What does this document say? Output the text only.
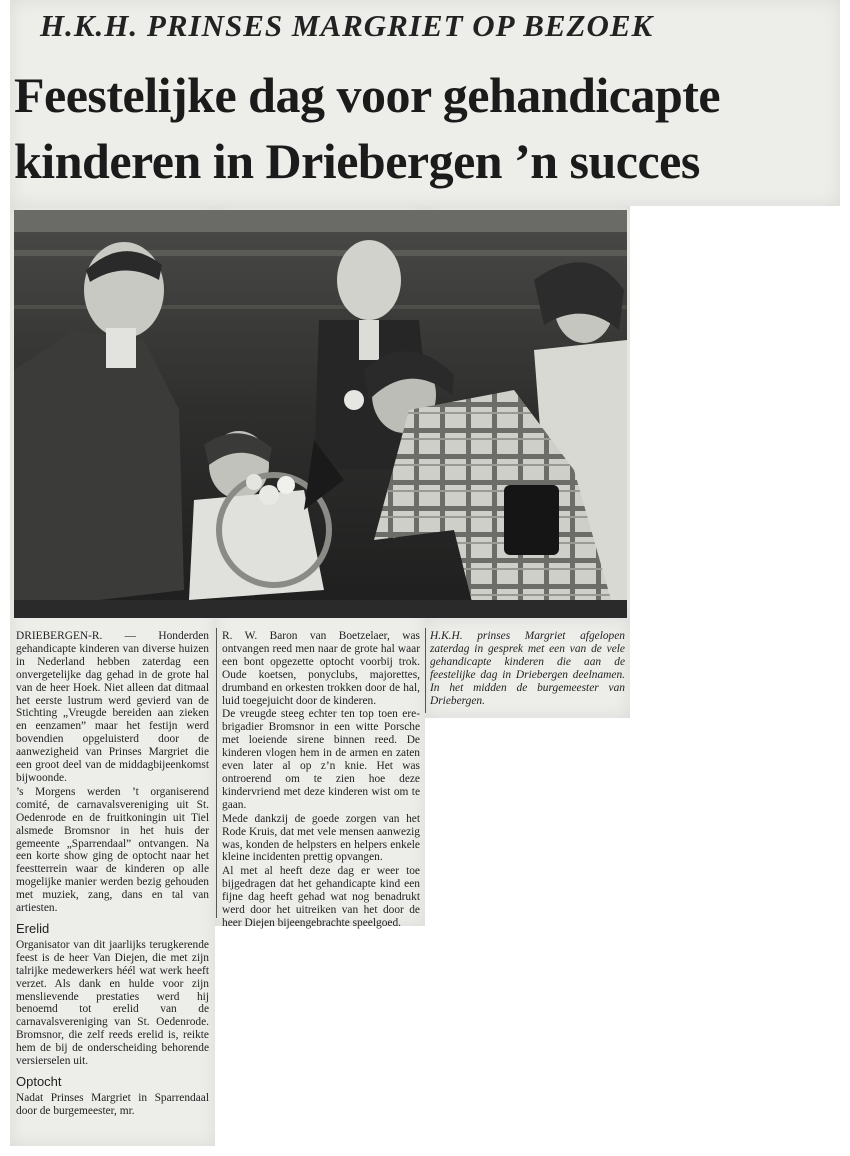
H.K.H. PRINSES MARGRIET OP BEZOEK
Feestelijke dag voor gehandicapte
kinderen in Driebergen ’n succes

DRIEBERGEN-R. — Honderden gehandicapte kinderen van diverse huizen in Nederland hebben zaterdag een onvergetelijke dag gehad in de grote hal van de heer Hoek. Niet alleen dat ditmaal het eerste lustrum werd gevierd van de Stichting „Vreugde bereiden aan zieken en eenzamen” maar het festijn werd bovendien opgeluisterd door de aanwezigheid van Prinses Margriet die een groot deel van de middagbijeenkomst bijwoonde.

’s Morgens werden ’t organiserend comité, de carnavalsvereniging uit St. Oedenrode en de fruitkoningin uit Tiel alsmede Bromsnor in het huis der gemeente „Sparrendaal” ontvangen. Na een korte show ging de optocht naar het feestterrein waar de kinderen op alle mogelijke manier werden bezig gehouden met muziek, zang, dans en tal van artiesten.

Erelid

Organisator van dit jaarlijks terugkerende feest is de heer Van Diejen, die met zijn talrijke medewerkers héél wat werk heeft verzet. Als dank en hulde voor zijn menslievende prestaties werd hij benoemd tot erelid van de carnavalsvereniging van St. Oedenrode. Bromsnor, die zelf reeds erelid is, reikte hem de bij de onderscheiding behorende versierselen uit.

Optocht

Nadat Prinses Margriet in Sparrendaal door de burgemeester, mr.

R. W. Baron van Boetzelaer, was ontvangen reed men naar de grote hal waar een bont opgezette optocht voorbij trok. Oude koetsen, ponyclubs, majorettes, drumband en orkesten trokken door de hal, luid toegejuicht door de kinderen.

De vreugde steeg echter ten top toen ere-brigadier Bromsnor in een witte Porsche met loeiende sirene binnen reed. De kinderen vlogen hem in de armen en zaten even later al op z’n knie. Het was ontroerend om te zien hoe deze kindervriend met deze kinderen wist om te gaan.

Mede dankzij de goede zorgen van het Rode Kruis, dat met vele mensen aanwezig was, konden de helpsters en helpers enkele kleine incidenten prettig opvangen.

Al met al heeft deze dag er weer toe bijgedragen dat het gehandicapte kind een fijne dag heeft gehad wat nog benadrukt werd door het uitreiken van het door de heer Diejen bijeengebrachte speelgoed.

H.K.H. prinses Margriet afgelopen zaterdag in gesprek met een van de vele gehandicapte kinderen die aan de feestelijke dag in Driebergen deelnamen. In het midden de burgemeester van Driebergen.
